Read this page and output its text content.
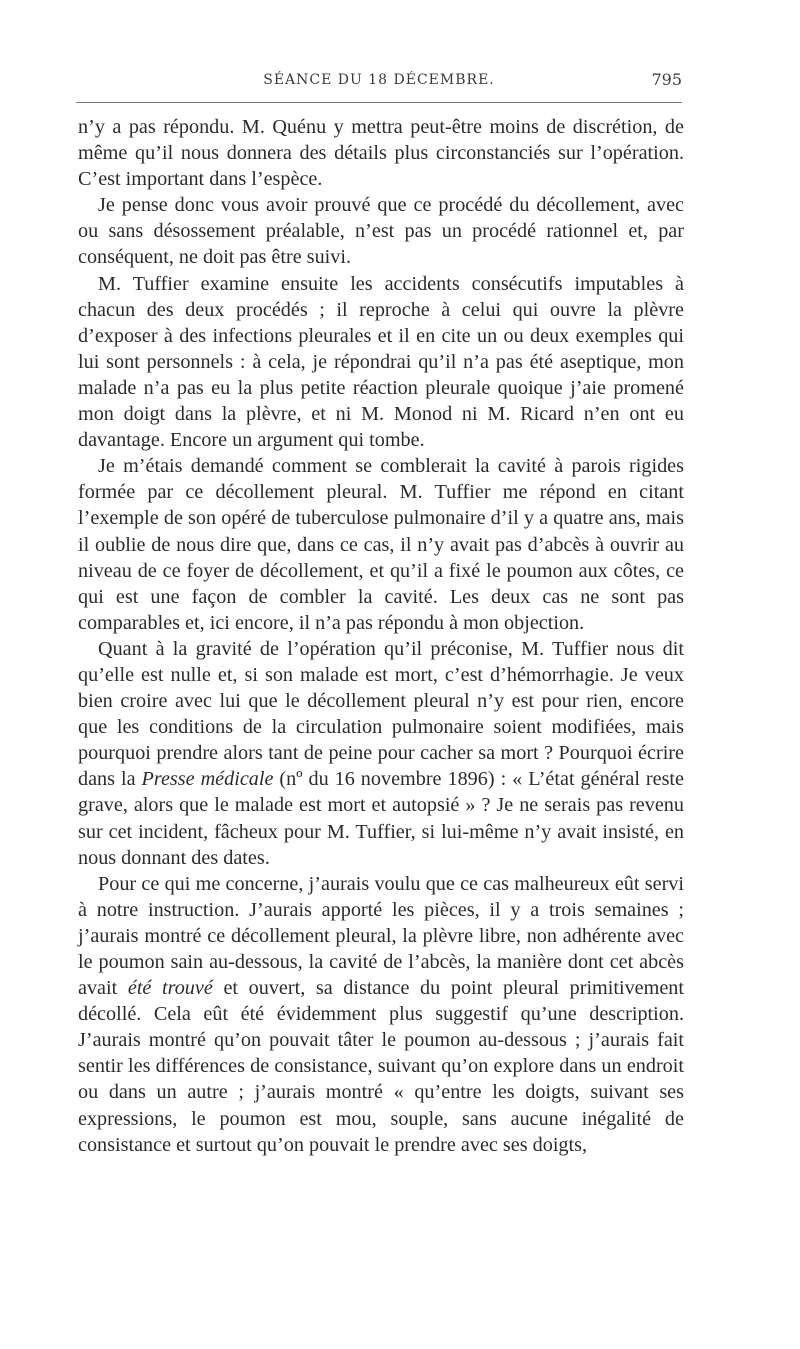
SÉANCE DU 18 DÉCEMBRE.	795

n’y a pas répondu. M. Quénu y mettra peut-être moins de discrétion, de même qu’il nous donnera des détails plus circonstanciés sur l’opération. C’est important dans l’espèce.

Je pense donc vous avoir prouvé que ce procédé du décollement, avec ou sans désossement préalable, n’est pas un procédé rationnel et, par conséquent, ne doit pas être suivi.

M. Tuffier examine ensuite les accidents consécutifs imputables à chacun des deux procédés ; il reproche à celui qui ouvre la plèvre d’exposer à des infections pleurales et il en cite un ou deux exemples qui lui sont personnels : à cela, je répondrai qu’il n’a pas été aseptique, mon malade n’a pas eu la plus petite réaction pleurale quoique j’aie promené mon doigt dans la plèvre, et ni M. Monod ni M. Ricard n’en ont eu davantage. Encore un argument qui tombe.

Je m’étais demandé comment se comblerait la cavité à parois rigides formée par ce décollement pleural. M. Tuffier me répond en citant l’exemple de son opéré de tuberculose pulmonaire d’il y a quatre ans, mais il oublie de nous dire que, dans ce cas, il n’y avait pas d’abcès à ouvrir au niveau de ce foyer de décollement, et qu’il a fixé le poumon aux côtes, ce qui est une façon de combler la cavité. Les deux cas ne sont pas comparables et, ici encore, il n’a pas répondu à mon objection.

Quant à la gravité de l’opération qu’il préconise, M. Tuffier nous dit qu’elle est nulle et, si son malade est mort, c’est d’hémorrhagie. Je veux bien croire avec lui que le décollement pleural n’y est pour rien, encore que les conditions de la circulation pulmonaire soient modifiées, mais pourquoi prendre alors tant de peine pour cacher sa mort ? Pourquoi écrire dans la Presse médicale (nº du 16 novembre 1896) : « L’état général reste grave, alors que le malade est mort et autopsié » ? Je ne serais pas revenu sur cet incident, fâcheux pour M. Tuffier, si lui-même n’y avait insisté, en nous donnant des dates.

Pour ce qui me concerne, j’aurais voulu que ce cas malheureux eût servi à notre instruction. J’aurais apporté les pièces, il y a trois semaines ; j’aurais montré ce décollement pleural, la plèvre libre, non adhérente avec le poumon sain au-dessous, la cavité de l’abcès, la manière dont cet abcès avait été trouvé et ouvert, sa distance du point pleural primitivement décollé. Cela eût été évidemment plus suggestif qu’une description. J’aurais montré qu’on pouvait tâter le poumon au-dessous ; j’aurais fait sentir les différences de consistance, suivant qu’on explore dans un endroit ou dans un autre ; j’aurais montré « qu’entre les doigts, suivant ses expressions, le poumon est mou, souple, sans aucune inégalité de consistance et surtout qu’on pouvait le prendre avec ses doigts,
